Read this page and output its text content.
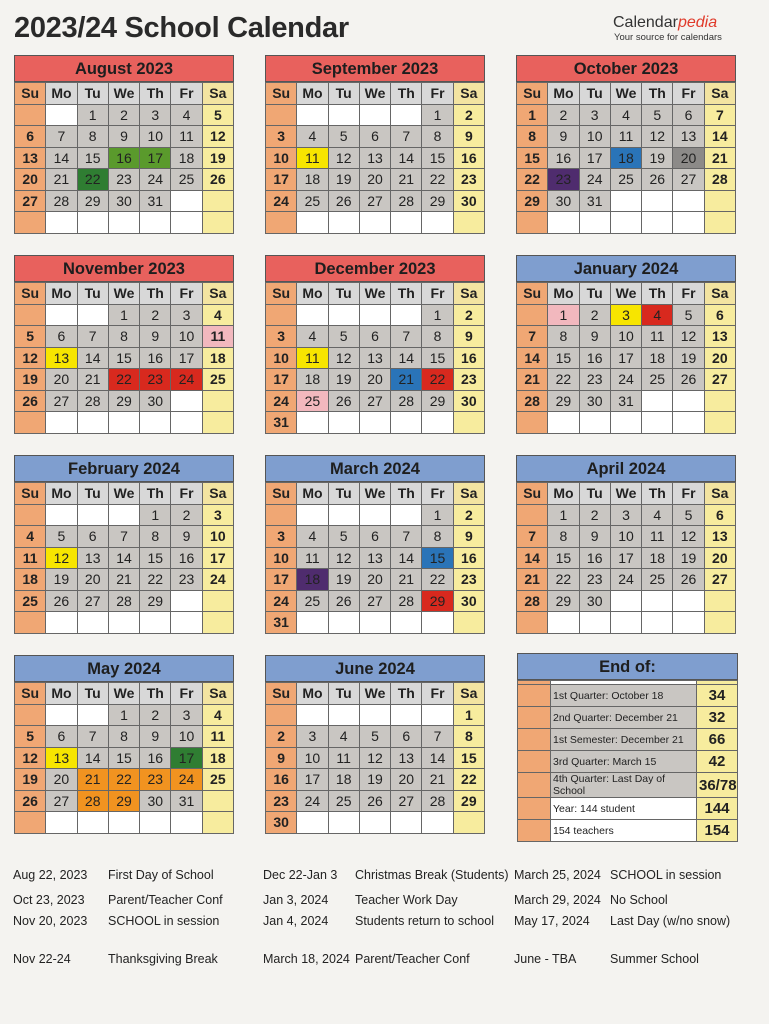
2023/24 School Calendar	Calendarpedia
Your source for calendars
August 2023
Su	Mo	Tu	We	Th	Fr	Sa
		1	2	3	4	5
6	7	8	9	10	11	12
13	14	15	16	17	18	19
20	21	22	23	24	25	26
27	28	29	30	31		

September 2023
Su	Mo	Tu	We	Th	Fr	Sa
					1	2
3	4	5	6	7	8	9
10	11	12	13	14	15	16
17	18	19	20	21	22	23
24	25	26	27	28	29	30

October 2023
Su	Mo	Tu	We	Th	Fr	Sa
1	2	3	4	5	6	7
8	9	10	11	12	13	14
15	16	17	18	19	20	21
22	23	24	25	26	27	28
29	30	31				

November 2023
Su	Mo	Tu	We	Th	Fr	Sa
			1	2	3	4
5	6	7	8	9	10	11
12	13	14	15	16	17	18
19	20	21	22	23	24	25
26	27	28	29	30		

December 2023
Su	Mo	Tu	We	Th	Fr	Sa
					1	2
3	4	5	6	7	8	9
10	11	12	13	14	15	16
17	18	19	20	21	22	23
24	25	26	27	28	29	30
31						
January 2024
Su	Mo	Tu	We	Th	Fr	Sa
	1	2	3	4	5	6
7	8	9	10	11	12	13
14	15	16	17	18	19	20
21	22	23	24	25	26	27
28	29	30	31			

February 2024
Su	Mo	Tu	We	Th	Fr	Sa
				1	2	3
4	5	6	7	8	9	10
11	12	13	14	15	16	17
18	19	20	21	22	23	24
25	26	27	28	29		

March 2024
Su	Mo	Tu	We	Th	Fr	Sa
					1	2
3	4	5	6	7	8	9
10	11	12	13	14	15	16
17	18	19	20	21	22	23
24	25	26	27	28	29	30
31						
April 2024
Su	Mo	Tu	We	Th	Fr	Sa
	1	2	3	4	5	6
7	8	9	10	11	12	13
14	15	16	17	18	19	20
21	22	23	24	25	26	27
28	29	30				

May 2024
Su	Mo	Tu	We	Th	Fr	Sa
			1	2	3	4
5	6	7	8	9	10	11
12	13	14	15	16	17	18
19	20	21	22	23	24	25
26	27	28	29	30	31	

June 2024
Su	Mo	Tu	We	Th	Fr	Sa
						1
2	3	4	5	6	7	8
9	10	11	12	13	14	15
16	17	18	19	20	21	22
23	24	25	26	27	28	29
30						
End of:

	1st Quarter: October 18	34
	2nd Quarter: December 21	32
	1st Semester: December 21	66
	3rd Quarter: March 15	42
	4th Quarter: Last Day of School	36/78
	Year: 144 student	144
	154 teachers	154
Aug 22, 2023 First Day of School
Oct 23, 2023 Parent/Teacher Conf
Nov 20, 2023 SCHOOL in session
Nov 22-24	Thanksgiving Break
Dec 22-Jan 3 Christmas Break (Students)
Jan 3, 2024 Teacher Work Day
Jan 4, 2024 Students return to school
March 18, 2024 Parent/Teacher Conf
March 25, 2024 SCHOOL in session
March 29, 2024 No School
May 17, 2024 Last Day (w/no snow)
June - TBA	Summer School
